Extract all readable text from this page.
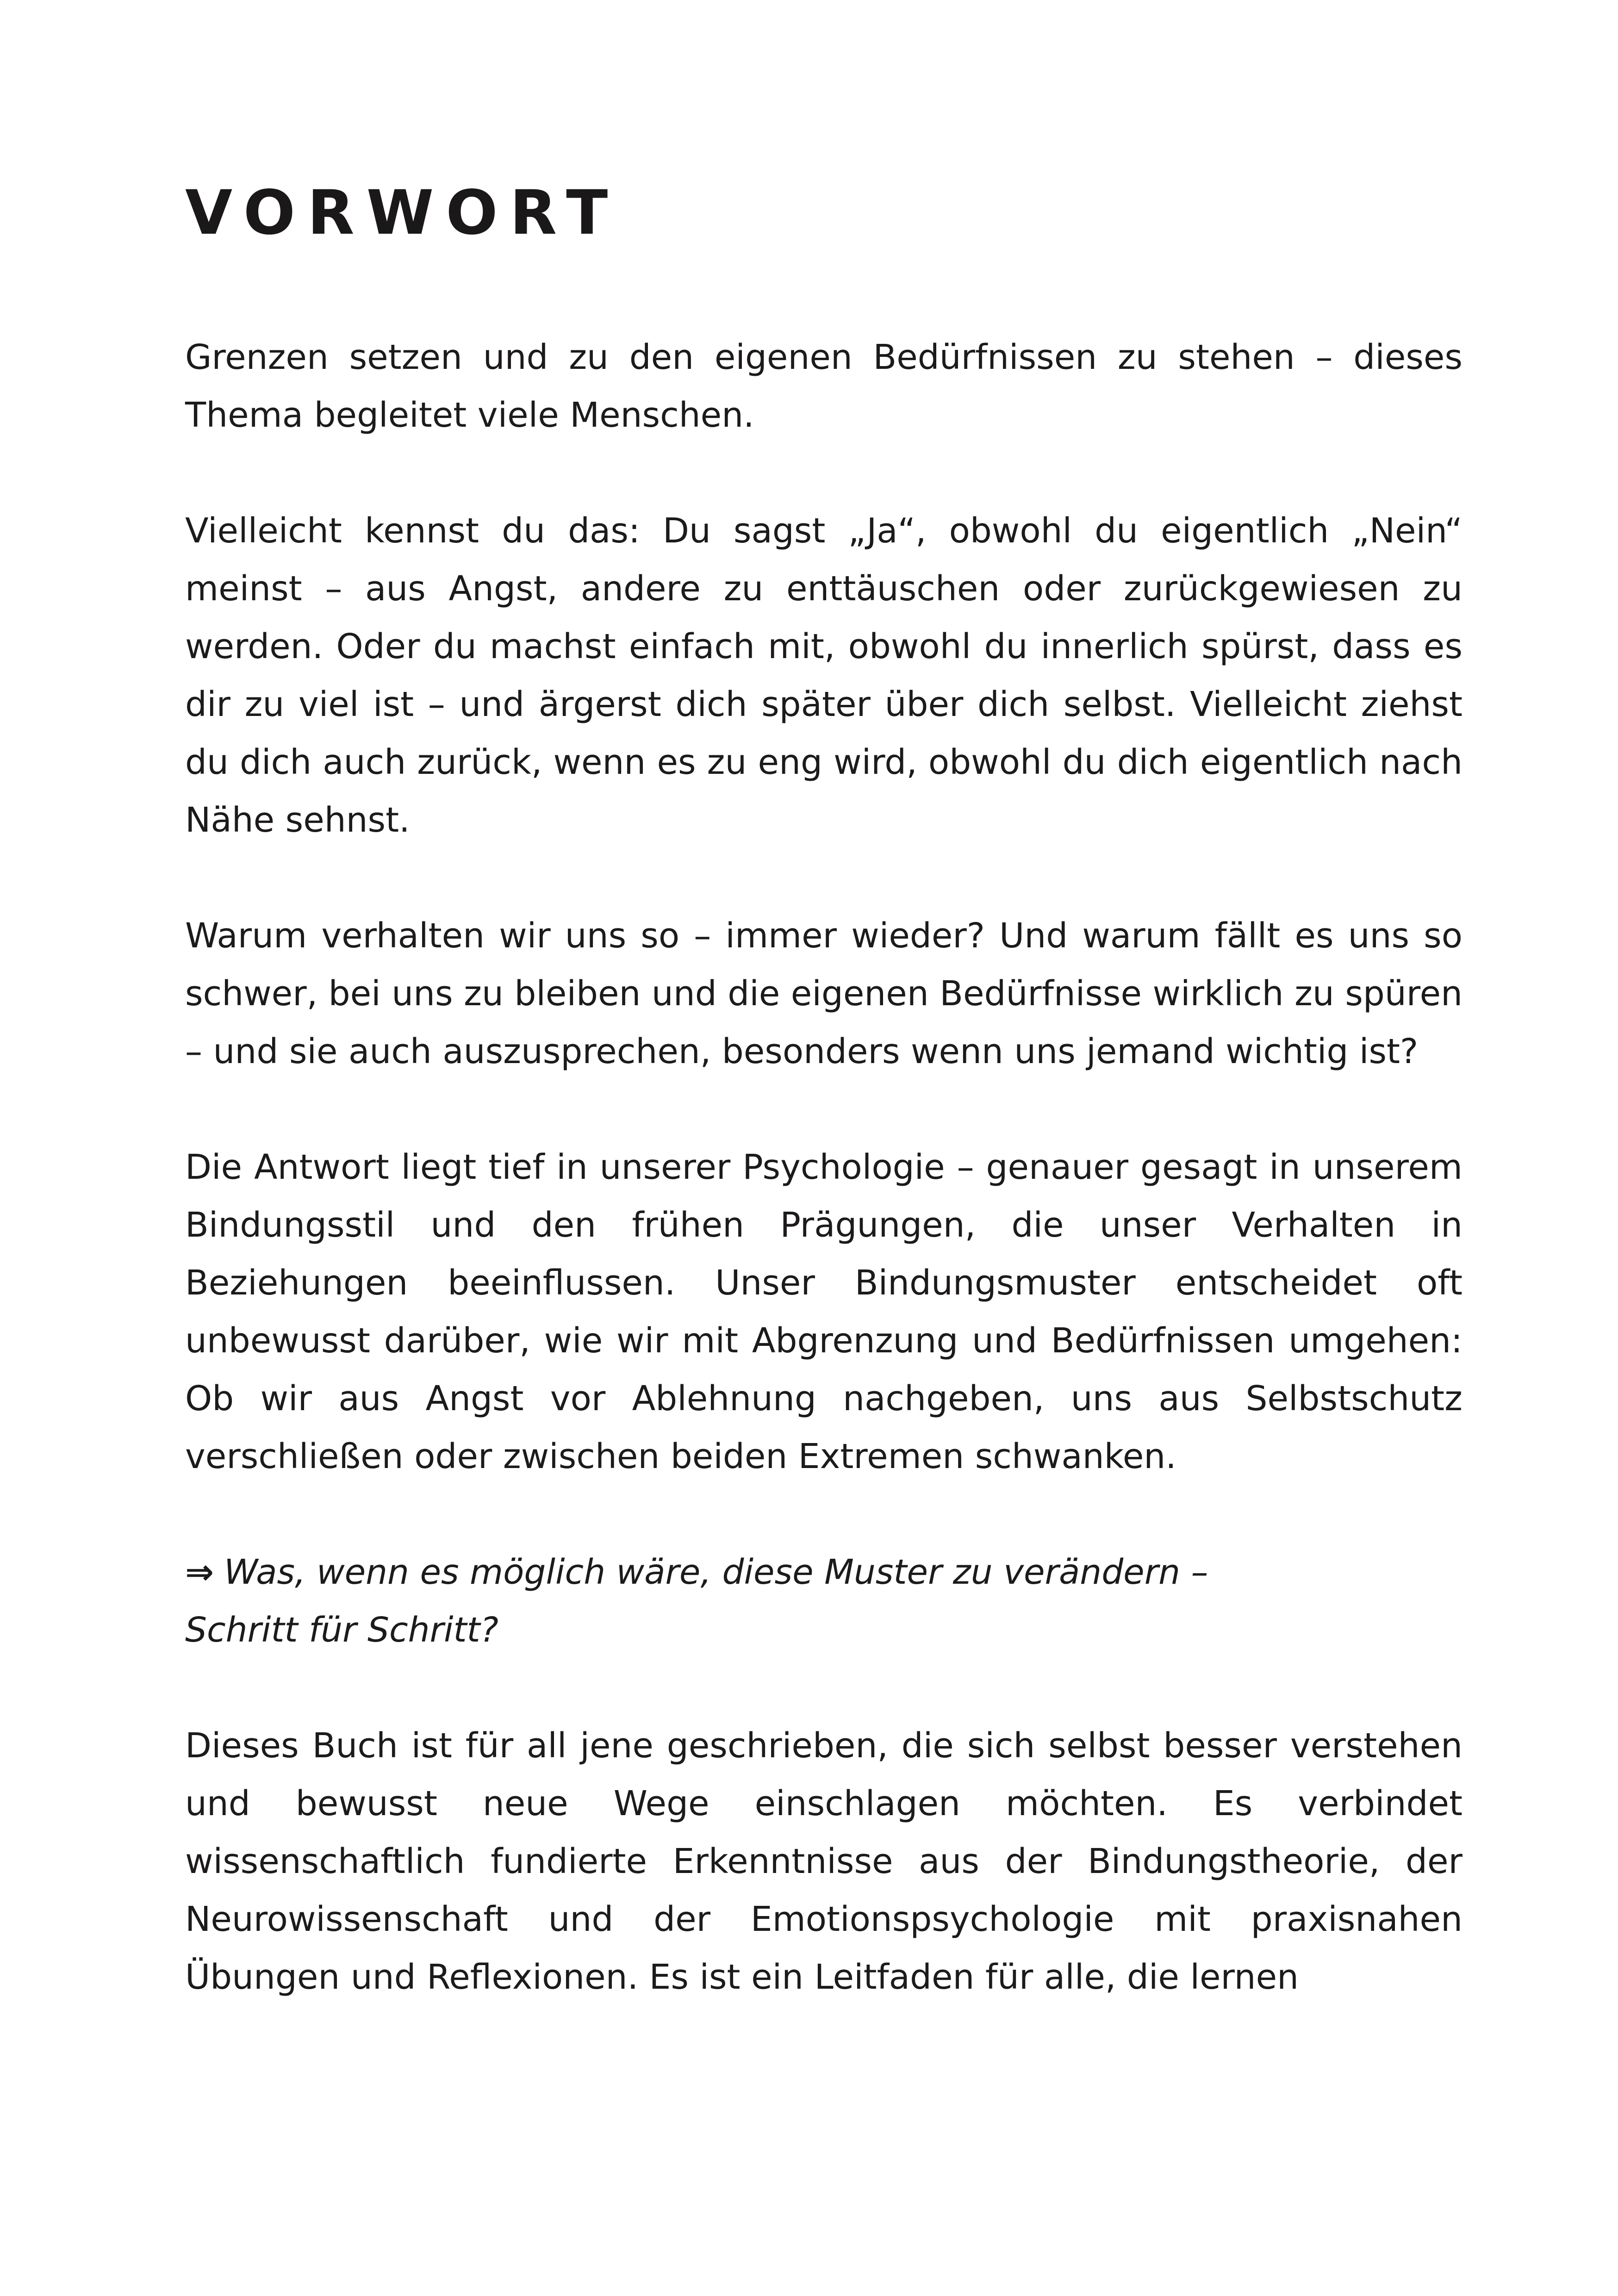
VORWORT

Grenzen setzen und zu den eigenen Bedürfnissen zu stehen – dieses Thema begleitet viele Menschen.

Vielleicht kennst du das: Du sagst „Ja“, obwohl du eigentlich „Nein“ meinst – aus Angst, andere zu enttäuschen oder zurückgewiesen zu werden. Oder du machst einfach mit, obwohl du innerlich spürst, dass es dir zu viel ist – und ärgerst dich später über dich selbst. Vielleicht ziehst du dich auch zurück, wenn es zu eng wird, obwohl du dich eigentlich nach Nähe sehnst.

Warum verhalten wir uns so – immer wieder? Und warum fällt es uns so schwer, bei uns zu bleiben und die eigenen Bedürfnisse wirklich zu spüren – und sie auch auszusprechen, besonders wenn uns jemand wichtig ist?

Die Antwort liegt tief in unserer Psychologie – genauer gesagt in unserem Bindungsstil und den frühen Prägungen, die unser Verhalten in Beziehungen beeinflussen. Unser Bindungsmuster entscheidet oft unbewusst darüber, wie wir mit Abgrenzung und Bedürfnissen umgehen: Ob wir aus Angst vor Ablehnung nachgeben, uns aus Selbstschutz verschließen oder zwischen beiden Extremen schwanken.

⇒ Was, wenn es möglich wäre, diese Muster zu verändern –
Schritt für Schritt?

Dieses Buch ist für all jene geschrieben, die sich selbst besser verstehen und bewusst neue Wege einschlagen möchten. Es verbindet wissenschaftlich fundierte Erkenntnisse aus der Bindungstheorie, der Neurowissenschaft und der Emotionspsychologie mit praxisnahen Übungen und Reflexionen. Es ist ein Leitfaden für alle, die lernen
